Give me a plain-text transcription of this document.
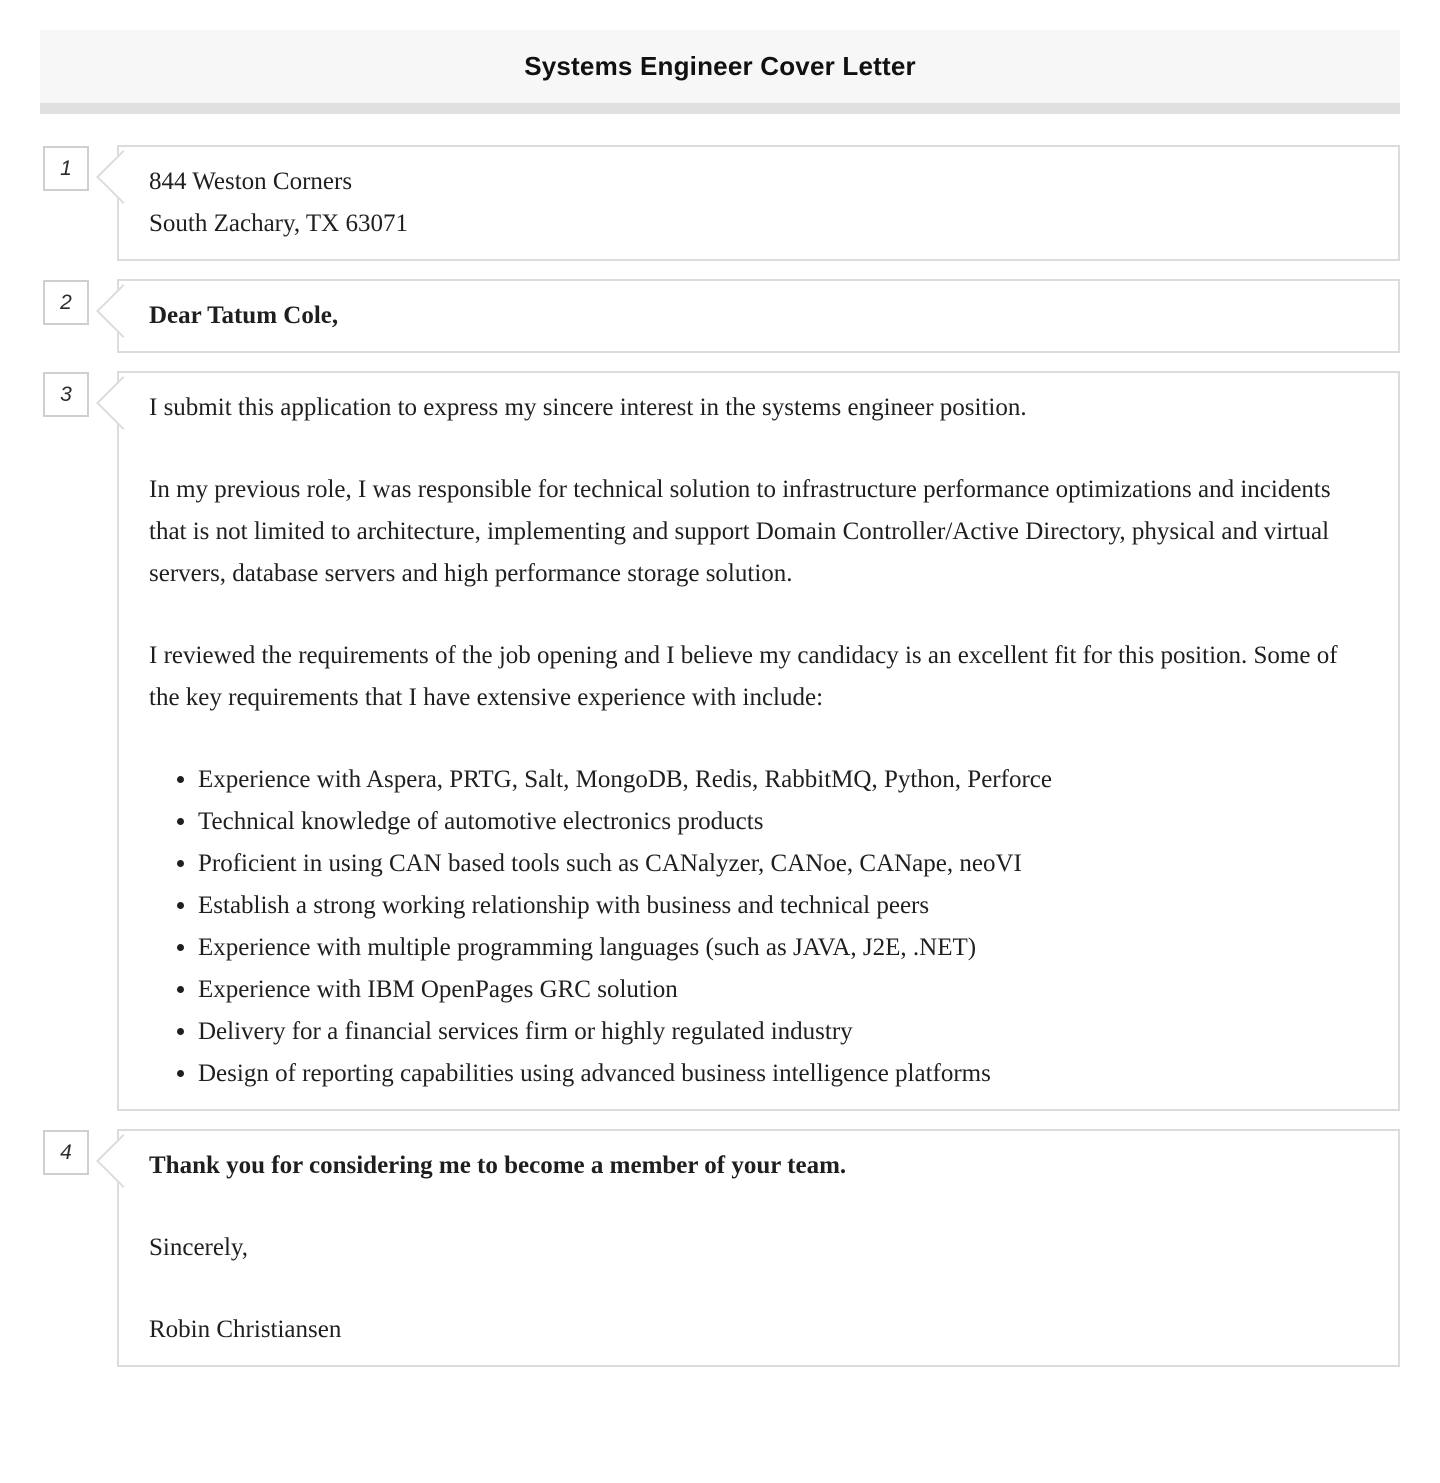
Systems Engineer Cover Letter
1	844 Weston Corners

South Zachary, TX 63071

2	Dear Tatum Cole,

3	I submit this application to express my sincere interest in the systems engineer position.

In my previous role, I was responsible for technical solution to infrastructure performance optimizations and incidents that is not limited to architecture, implementing and support Domain Controller/Active Directory, physical and virtual servers, database servers and high performance storage solution.

I reviewed the requirements of the job opening and I believe my candidacy is an excellent fit for this position. Some of the key requirements that I have extensive experience with include:

• Experience with Aspera, PRTG, Salt, MongoDB, Redis, RabbitMQ, Python, Perforce
• Technical knowledge of automotive electronics products
• Proficient in using CAN based tools such as CANalyzer, CANoe, CANape, neoVI
• Establish a strong working relationship with business and technical peers
• Experience with multiple programming languages (such as JAVA, J2E, .NET)
• Experience with IBM OpenPages GRC solution
• Delivery for a financial services firm or highly regulated industry
• Design of reporting capabilities using advanced business intelligence platforms
4	Thank you for considering me to become a member of your team.

Sincerely,

Robin Christiansen
